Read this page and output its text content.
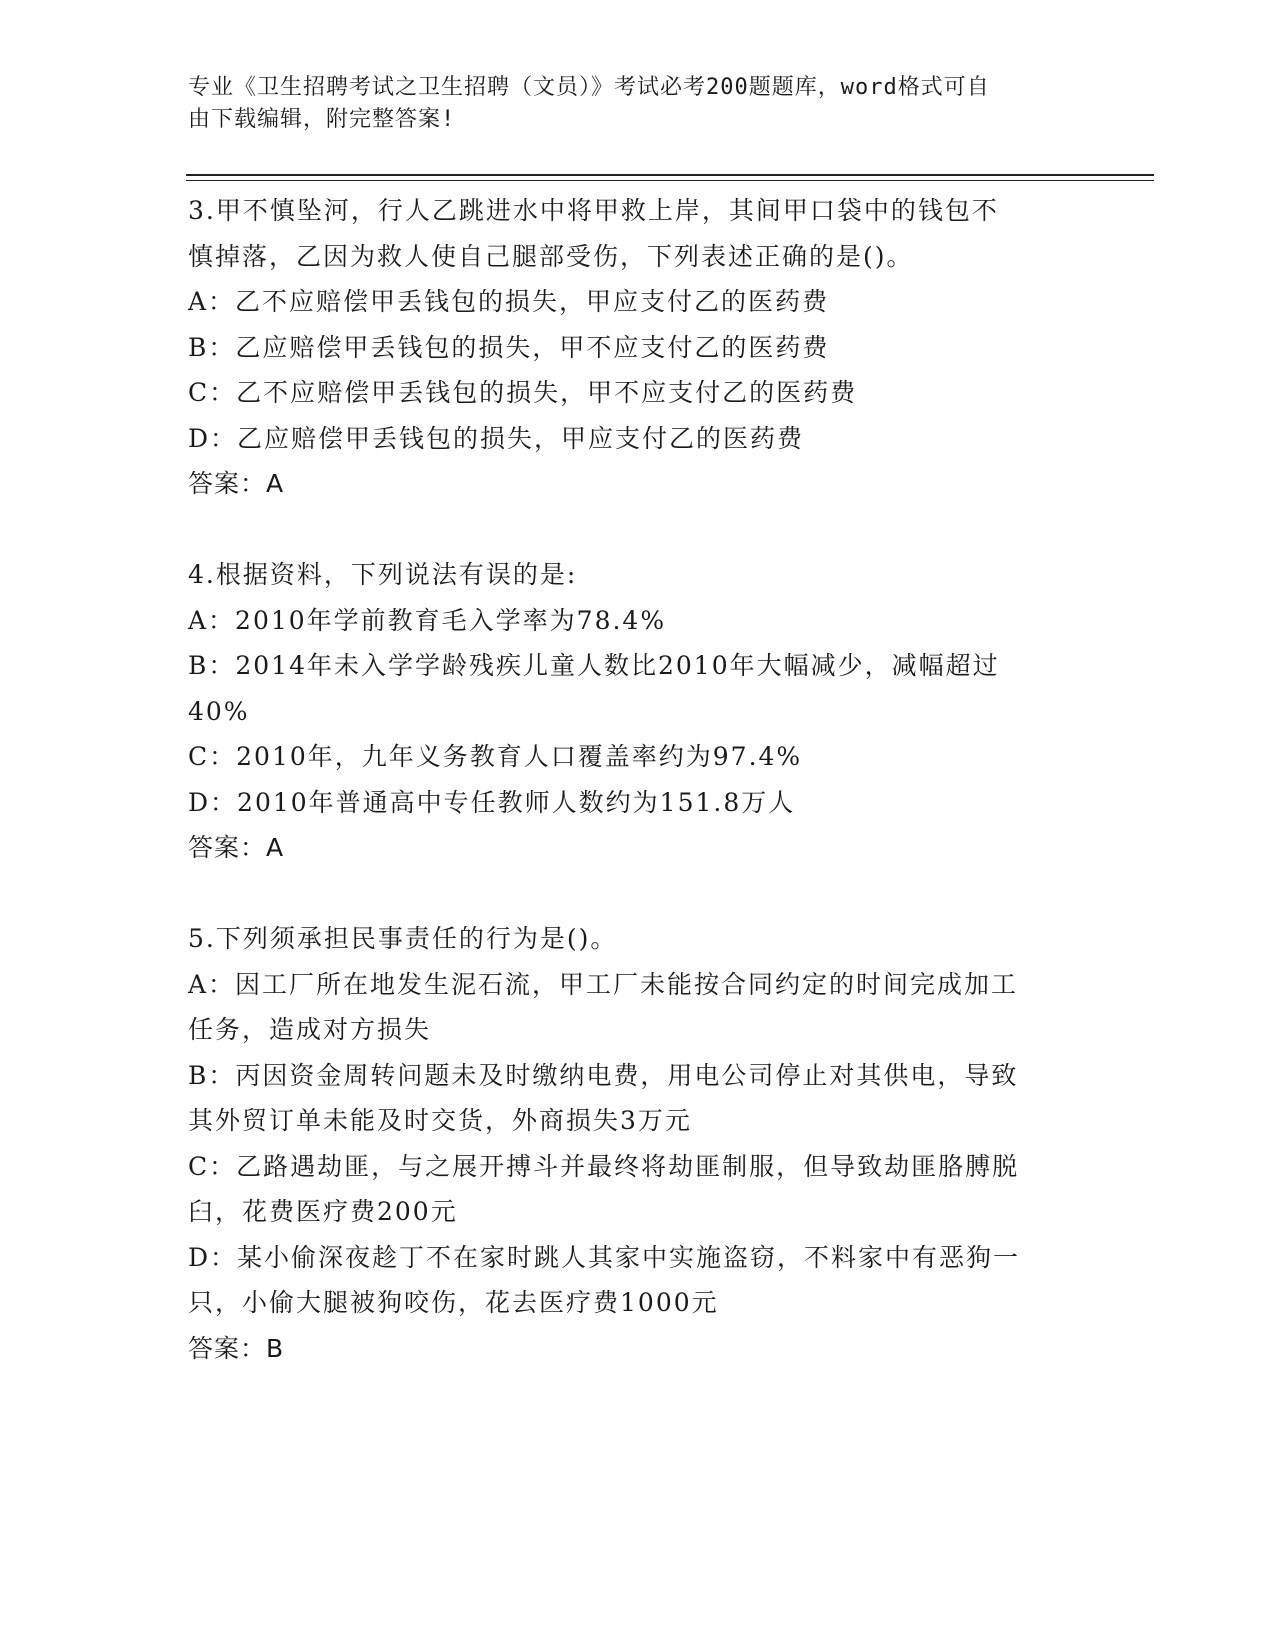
专业《卫生招聘考试之卫生招聘（文员）》考试必考200题题库，word格式可自
由下载编辑，附完整答案!
3.甲不慎坠河，行人乙跳进水中将甲救上岸，其间甲口袋中的钱包不
慎掉落，乙因为救人使自己腿部受伤，下列表述正确的是()。
A：乙不应赔偿甲丢钱包的损失，甲应支付乙的医药费
B：乙应赔偿甲丢钱包的损失，甲不应支付乙的医药费
C：乙不应赔偿甲丢钱包的损失，甲不应支付乙的医药费
D：乙应赔偿甲丢钱包的损失，甲应支付乙的医药费
答案：A
4.根据资料，下列说法有误的是:
A：2010年学前教育毛入学率为78.4%
B：2014年未入学学龄残疾儿童人数比2010年大幅减少，减幅超过
40%
C：2010年，九年义务教育人口覆盖率约为97.4%
D：2010年普通高中专任教师人数约为151.8万人
答案：A
5.下列须承担民事责任的行为是()。
A：因工厂所在地发生泥石流，甲工厂未能按合同约定的时间完成加工
任务，造成对方损失
B：丙因资金周转问题未及时缴纳电费，用电公司停止对其供电，导致
其外贸订单未能及时交货，外商损失3万元
C：乙路遇劫匪，与之展开搏斗并最终将劫匪制服，但导致劫匪胳膊脱
臼，花费医疗费200元
D：某小偷深夜趁丁不在家时跳人其家中实施盗窃，不料家中有恶狗一
只，小偷大腿被狗咬伤，花去医疗费1000元
答案：B
